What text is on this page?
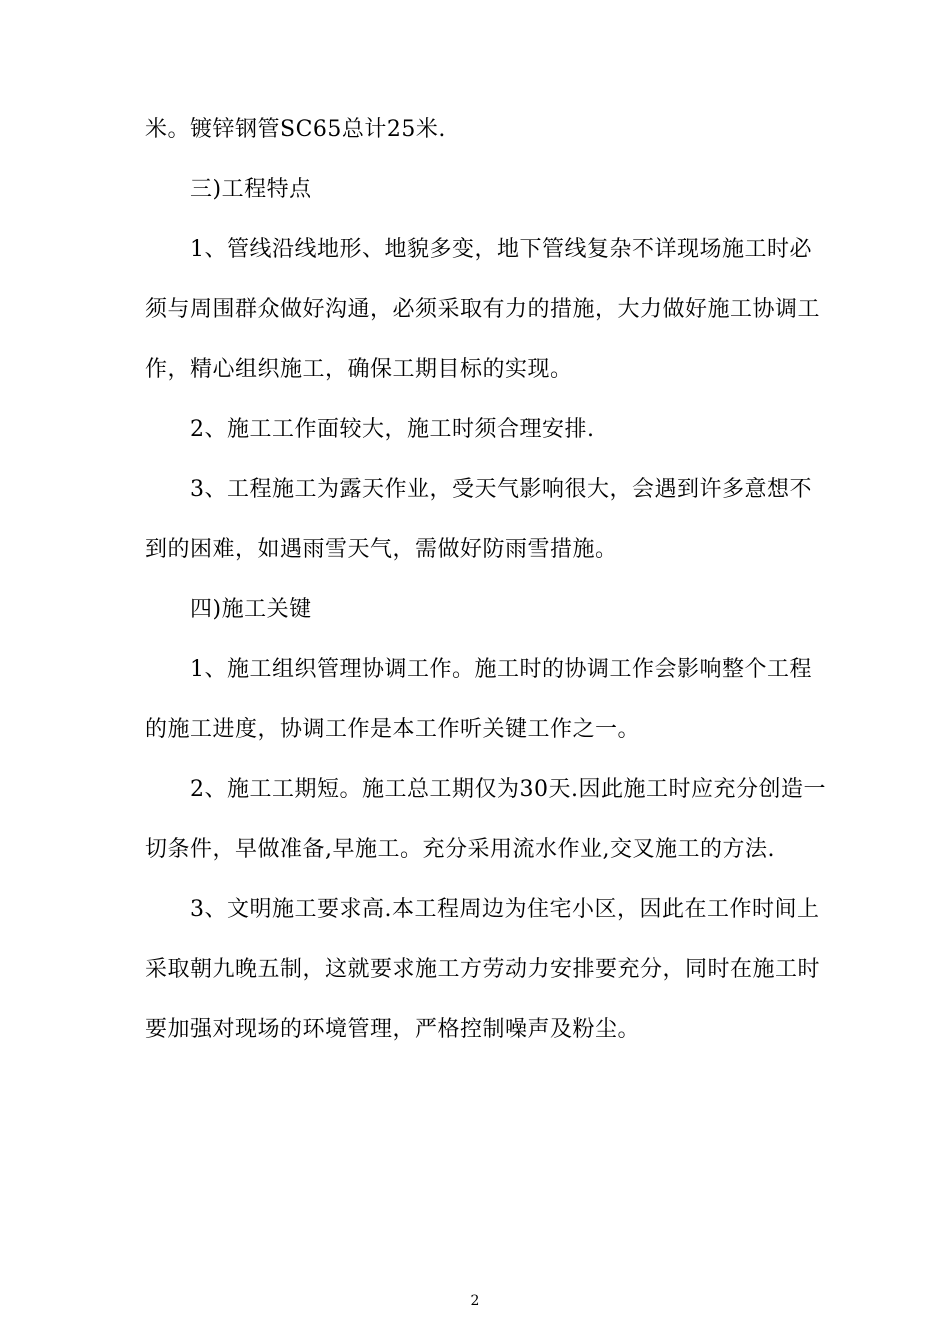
米。镀锌钢管SC65总计25米.
三)工程特点
1、管线沿线地形、地貌多变，地下管线复杂不详现场施工时必
须与周围群众做好沟通，必须采取有力的措施，大力做好施工协调工
作，精心组织施工，确保工期目标的实现。
2、施工工作面较大，施工时须合理安排.
3、工程施工为露天作业，受天气影响很大，会遇到许多意想不
到的困难，如遇雨雪天气，需做好防雨雪措施。
四)施工关键
1、施工组织管理协调工作。施工时的协调工作会影响整个工程
的施工进度，协调工作是本工作听关键工作之一。
2、施工工期短。施工总工期仅为30天.因此施工时应充分创造一
切条件，早做准备,早施工。充分采用流水作业,交叉施工的方法.
3、文明施工要求高.本工程周边为住宅小区，因此在工作时间上
采取朝九晚五制，这就要求施工方劳动力安排要充分，同时在施工时
要加强对现场的环境管理，严格控制噪声及粉尘。
2
